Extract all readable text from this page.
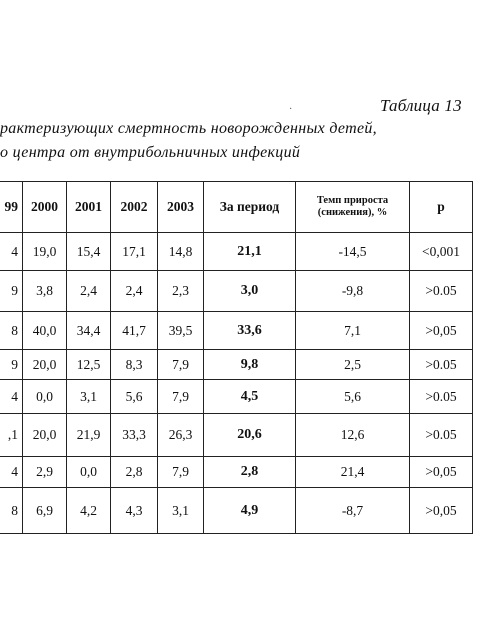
·	Таблица 13
рактеризующих смертность новорожденных детей,
о центра от внутрибольничных инфекций
99	2000	2001	2002	2003	За период	Темп прироста (снижения), %	p
4	19,0	15,4	17,1	14,8	21,1	-14,5	<0,001
9	3,8	2,4	2,4	2,3	3,0	-9,8	>0.05
8	40,0	34,4	41,7	39,5	33,6	7,1	>0,05
9	20,0	12,5	8,3	7,9	9,8	2,5	>0.05
4	0,0	3,1	5,6	7,9	4,5	5,6	>0.05
,1	20,0	21,9	33,3	26,3	20,6	12,6	>0.05
4	2,9	0,0	2,8	7,9	2,8	21,4	>0,05
8	6,9	4,2	4,3	3,1	4,9	-8,7	>0,05
